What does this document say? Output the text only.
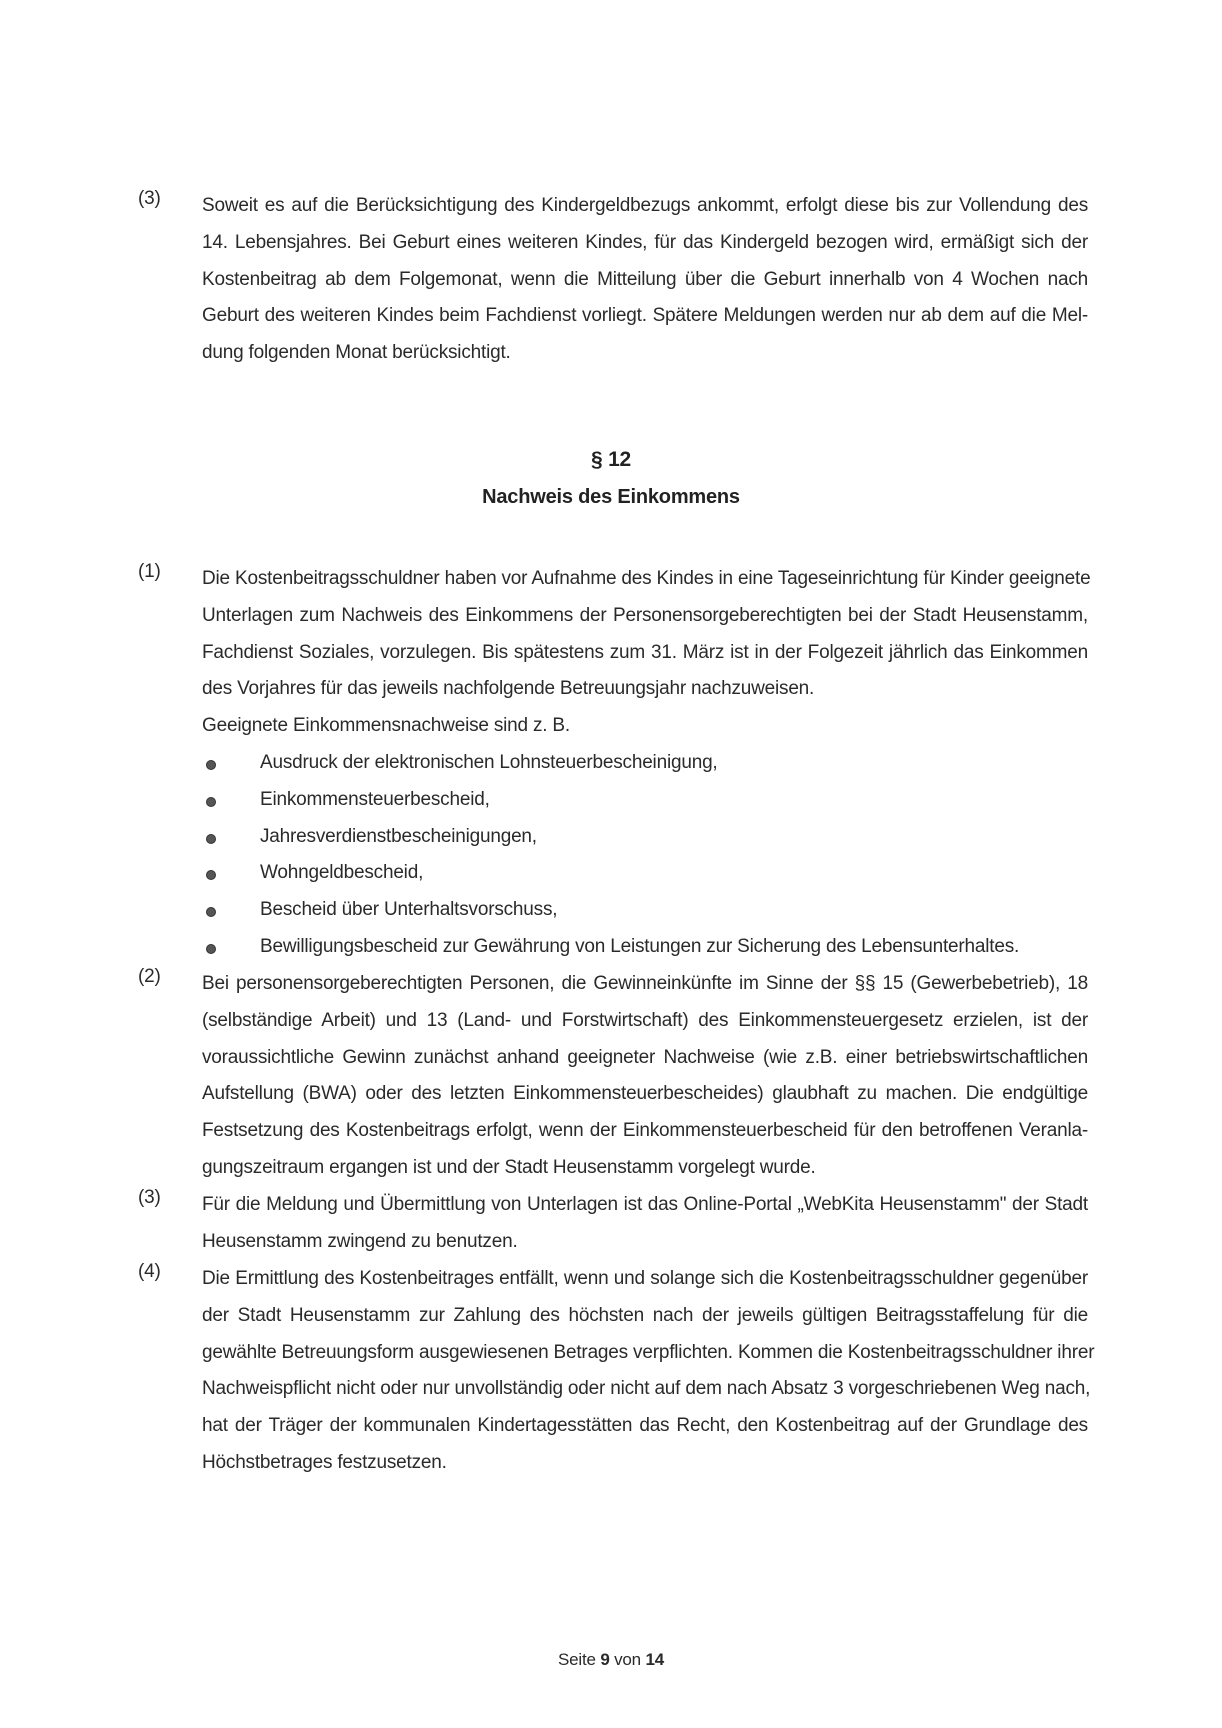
(3)	Soweit es auf die Berücksichtigung des Kindergeldbezugs ankommt, erfolgt diese bis zur Vollendung des
14. Lebensjahres. Bei Geburt eines weiteren Kindes, für das Kindergeld bezogen wird, ermäßigt sich der
Kostenbeitrag ab dem Folgemonat, wenn die Mitteilung über die Geburt innerhalb von 4 Wochen nach
Geburt des weiteren Kindes beim Fachdienst vorliegt. Spätere Meldungen werden nur ab dem auf die Mel-
dung folgenden Monat berücksichtigt.
§ 12
Nachweis des Einkommens
(1)	Die Kostenbeitragsschuldner haben vor Aufnahme des Kindes in eine Tageseinrichtung für Kinder geeignete
Unterlagen zum Nachweis des Einkommens der Personensorgeberechtigten bei der Stadt Heusenstamm,
Fachdienst Soziales, vorzulegen. Bis spätestens zum 31. März ist in der Folgezeit jährlich das Einkommen
des Vorjahres für das jeweils nachfolgende Betreuungsjahr nachzuweisen.
Geeignete Einkommensnachweise sind z. B.
Ausdruck der elektronischen Lohnsteuerbescheinigung,
Einkommensteuerbescheid,
Jahresverdienstbescheinigungen,
Wohngeldbescheid,
Bescheid über Unterhaltsvorschuss,
Bewilligungsbescheid zur Gewährung von Leistungen zur Sicherung des Lebensunterhaltes.
(2)	Bei personensorgeberechtigten Personen, die Gewinneinkünfte im Sinne der §§ 15 (Gewerbebetrieb), 18
(selbständige Arbeit) und 13 (Land- und Forstwirtschaft) des Einkommensteuergesetz erzielen, ist der
voraussichtliche Gewinn zunächst anhand geeigneter Nachweise (wie z.B. einer betriebswirtschaftlichen
Aufstellung (BWA) oder des letzten Einkommensteuerbescheides) glaubhaft zu machen. Die endgültige
Festsetzung des Kostenbeitrags erfolgt, wenn der Einkommensteuerbescheid für den betroffenen Veranla-
gungszeitraum ergangen ist und der Stadt Heusenstamm vorgelegt wurde.
(3)	Für die Meldung und Übermittlung von Unterlagen ist das Online-Portal „WebKita Heusenstamm" der Stadt
Heusenstamm zwingend zu benutzen.
(4)	Die Ermittlung des Kostenbeitrages entfällt, wenn und solange sich die Kostenbeitragsschuldner gegenüber
der Stadt Heusenstamm zur Zahlung des höchsten nach der jeweils gültigen Beitragsstaffelung für die
gewählte Betreuungsform ausgewiesenen Betrages verpflichten. Kommen die Kostenbeitragsschuldner ihrer
Nachweispflicht nicht oder nur unvollständig oder nicht auf dem nach Absatz 3 vorgeschriebenen Weg nach,
hat der Träger der kommunalen Kindertagesstätten das Recht, den Kostenbeitrag auf der Grundlage des
Höchstbetrages festzusetzen.
Seite 9 von 14
